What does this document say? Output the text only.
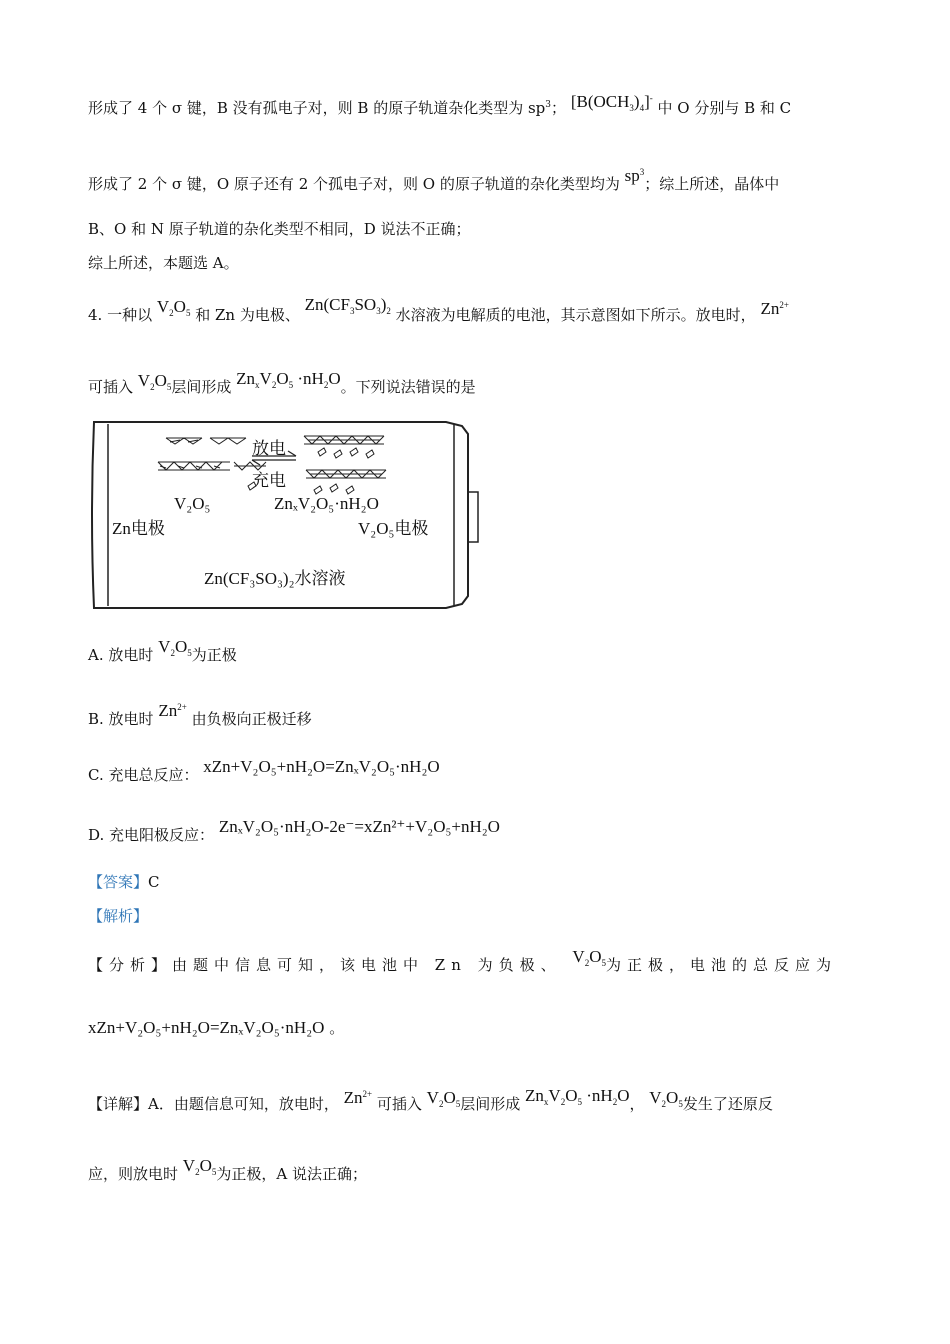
形成了 4 个 σ 键，B 没有孤电子对，则 B 的原子轨道杂化类型为 $sp^3$； $[B(OCH_3)_4]^-$ 中 O 分别与 B 和 C
形成了 2 个 σ 键，O 原子还有 2 个孤电子对，则 O 的原子轨道的杂化类型均为 $sp^3$；综上所述，晶体中
B、O 和 N 原子轨道的杂化类型不相同，D 说法不正确；
综上所述，本题选 A。
4. 一种以 $V_2O_5$ 和 Zn 为电极、 $Zn(CF_3SO_3)_2$ 水溶液为电解质的电池，其示意图如下所示。放电时， $Zn^{2+}$
可插入 $V_2O_5$层间形成 $Zn_xV_2O_5 \cdot nH_2O$。下列说法错误的是
放电
充电
V₂O₅	ZnₓV₂O₅·nH₂O
Zn电极	V₂O₅电极
Zn(CF₃SO₃)₂水溶液
A. 放电时 $V_2O_5$为正极
B. 放电时 $Zn^{2+}$ 由负极向正极迁移
C. 充电总反应： xZn+V₂O₅+nH₂O=ZnₓV₂O₅·nH₂O
D. 充电阳极反应： ZnₓV₂O₅·nH₂O-2e⁻=xZn²⁺+V₂O₅+nH₂O
【答案】C
【解析】
【分析】由题中信息可知，该电池中 Zn 为负极、 $V_2O_5$为正极，电池的总反应为
xZn+V₂O₅+nH₂O=ZnₓV₂O₅·nH₂O 。
【详解】A．由题信息可知，放电时， $Zn^{2+}$ 可插入 $V_2O_5$层间形成 $Zn_xV_2O_5 \cdot nH_2O$， $V_2O_5$发生了还原反
应，则放电时 $V_2O_5$为正极，A 说法正确；
